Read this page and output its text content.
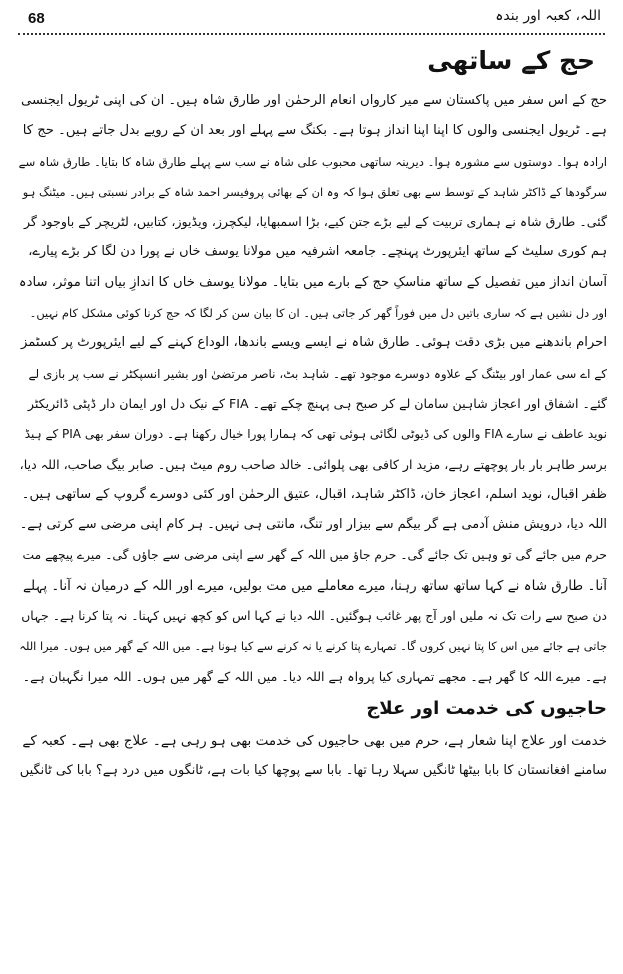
68	اللہ، کعبہ اور بندہ
حج کے ساتھی
حج کے اس سفر میں پاکستان سے میر کارواں انعام الرحمٰن اور طارق شاہ ہیں۔ ان کی اپنی ٹریول ایجنسی
ہے۔ ٹریول ایجنسی والوں کا اپنا اپنا انداز ہوتا ہے۔ بکنگ سے پہلے اور بعد ان کے رویے بدل جاتے ہیں۔ حج کا
ارادہ ہوا۔ دوستوں سے مشورہ ہوا۔ دیرینہ ساتھی محبوب علی شاہ نے سب سے پہلے طارق شاہ کا بتایا۔ طارق شاہ سے
سرگودھا کے ڈاکٹر شاہد کے توسط سے بھی تعلق ہوا کہ وہ ان کے بھائی پروفیسر احمد شاہ کے برادر نسبتی ہیں۔ میٹنگ ہو
گئی۔ طارق شاہ نے ہماری تربیت کے لیے بڑے جتن کیے، بڑا اسمبھایا، لیکچرز، ویڈیوز، کتابیں، لٹریچر کے باوجود گر
ہم کوری سلیٹ کے ساتھ ایئرپورٹ پہنچے۔ جامعہ اشرفیہ میں مولانا یوسف خاں نے پورا دن لگا کر بڑے پیارے،
آسان انداز میں تفصیل کے ساتھ مناسکِ حج کے بارے میں بتایا۔ مولانا یوسف خاں کا اندازِ بیاں اتنا موثر، سادہ
اور دل نشیں ہے کہ ساری باتیں دل میں فوراً گھر کر جاتی ہیں۔ ان کا بیان سن کر لگا کہ حج کرنا کوئی مشکل کام نہیں۔
احرام باندھنے میں بڑی دقت ہوئی۔ طارق شاہ نے ایسے ویسے باندھا، الوداع کہنے کے لیے ایئرپورٹ پر کسٹمز
کے اے سی عمار اور بیٹنگ کے علاوہ دوسرے موجود تھے۔ شاہد بٹ، ناصر مرتضیٰ اور بشیر انسپکٹر نے سب پر بازی لے
گئے۔ اشفاق اور اعجاز شاہین سامان لے کر صبح ہی پہنچ چکے تھے۔ FIA کے نیک دل اور ایمان دار ڈپٹی ڈائریکٹر
نوید عاطف نے سارے FIA والوں کی ڈیوٹی لگائی ہوئی تھی کہ ہمارا پورا خیال رکھنا ہے۔ دوران سفر بھی PIA کے ہیڈ
برسر طاہر بار بار پوچھتے رہے، مزید ار کافی بھی پلوائی۔ خالد صاحب روم میٹ ہیں۔ صابر بیگ صاحب، اللہ دیا،
ظفر اقبال، نوید اسلم، اعجاز خان، ڈاکٹر شاہد، اقبال، عتیق الرحمٰن اور کئی دوسرے گروپ کے ساتھی ہیں۔
اللہ دیا، درویش منش آدمی ہے گر بیگم سے بیزار اور تنگ، مانتی ہی نہیں۔ ہر کام اپنی مرضی سے کرتی ہے۔
حرم میں جائے گی تو وہیں تک جائے گی۔ حرم جاؤ میں اللہ کے گھر سے اپنی مرضی سے جاؤں گی۔ میرے پیچھے مت
آنا۔ طارق شاہ نے کہا ساتھ ساتھ رہنا، میرے معاملے میں مت بولیں، میرے اور اللہ کے درمیان نہ آنا۔ پہلے
دن صبح سے رات تک نہ ملیں اور آج پھر غائب ہوگئیں۔ اللہ دیا نے کہا اس کو کچھ نہیں کہنا۔ نہ پتا کرنا ہے۔ جہاں
جاتی ہے جائے میں اس کا پتا نہیں کروں گا۔ تمہارے پتا کرنے یا نہ کرنے سے کیا ہونا ہے۔ میں اللہ کے گھر میں ہوں۔ میرا اللہ
ہے۔ میرے اللہ کا گھر ہے۔ مجھے تمہاری کیا پرواہ ہے اللہ دیا۔ میں اللہ کے گھر میں ہوں۔ اللہ میرا نگہبان ہے۔
حاجیوں کی خدمت اور علاج
خدمت اور علاج اپنا شعار ہے، حرم میں بھی حاجیوں کی خدمت بھی ہو رہی ہے۔ علاج بھی ہے۔ کعبہ کے
سامنے افغانستان کا بابا بیٹھا ٹانگیں سہلا رہا تھا۔ بابا سے پوچھا کیا بات ہے، ٹانگوں میں درد ہے؟ بابا کی ٹانگیں
